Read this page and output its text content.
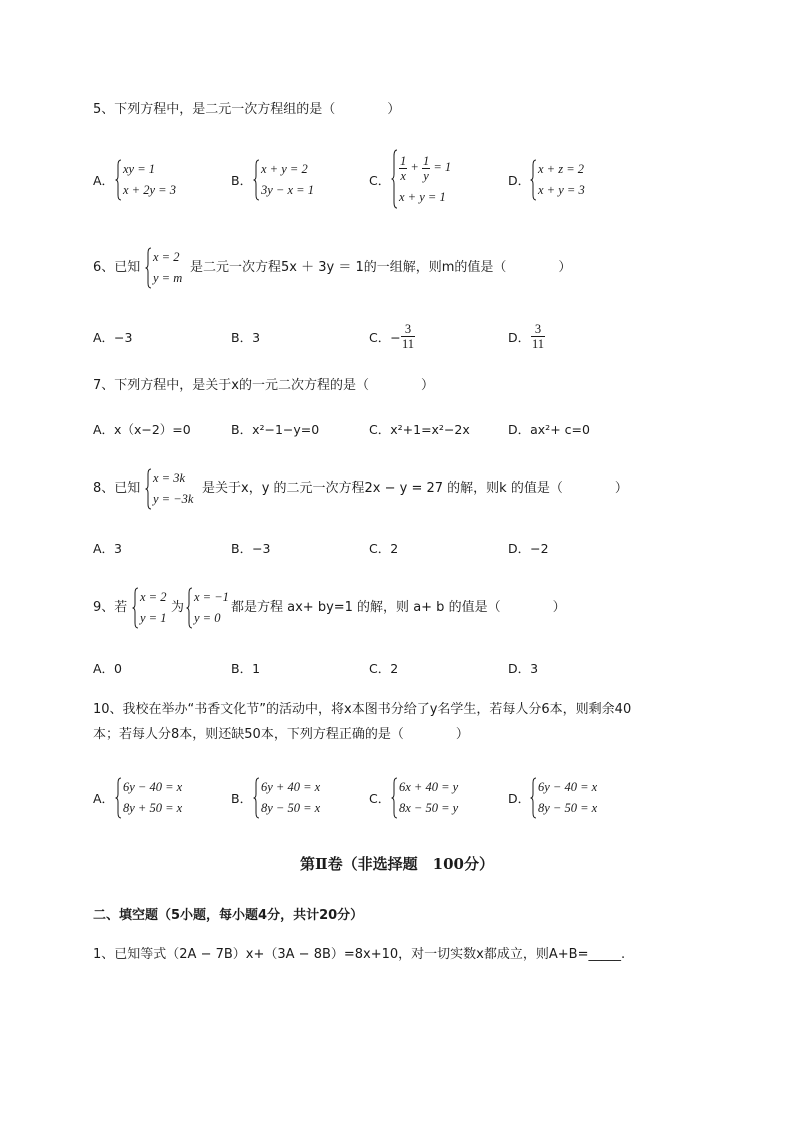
5、下列方程中，是二元一次方程组的是（　　　　）
A．
xy = 1
x + 2y = 3
B．
x + y = 2
3y − x = 1
C． $\frac{1}{x} + \frac{1}{y} = 1$
x + y = 1
D．
x + z = 2
x + y = 3
6、已知
x = 2
y = m
是二元一次方程5x ＋ 3y ＝ 1的一组解，则m的值是（　　　　）
A．−3	B．3	C．− $\frac{3}{11}$	D． $\frac{3}{11}$
7、下列方程中，是关于x的一元二次方程的是（　　　　）
A．x（x−2）=0	B．x²−1−y=0	C．x²+1=x²−2x	D．ax²+ c=0
8、已知
x = 3k
y = −3k
是关于x，y 的二元一次方程2x − y = 27 的解，则k 的值是（　　　　）
A．3	B．−3	C．2	D．−2
9、若
x = 2
y = 1
为
x = −1
y = 0
都是方程 ax+ by=1 的解，则 a+ b 的值是（　　　　）
A．0	B．1	C．2	D．3
10、我校在举办“书香文化节”的活动中，将x本图书分给了y名学生，若每人分6本，则剩余40
本；若每人分8本，则还缺50本，下列方程正确的是（　　　　）
A．
6y − 40 = x
8y + 50 = x
B．
6y + 40 = x
8y − 50 = x
C．
6x + 40 = y
8x − 50 = y
D．
6y − 40 = x
8y − 50 = x
第Ⅱ卷（非选择题　100分）
二、填空题（5小题，每小题4分，共计20分）
1、已知等式（2A − 7B）x+（3A − 8B）=8x+10，对一切实数x都成立，则A+B=_____.
